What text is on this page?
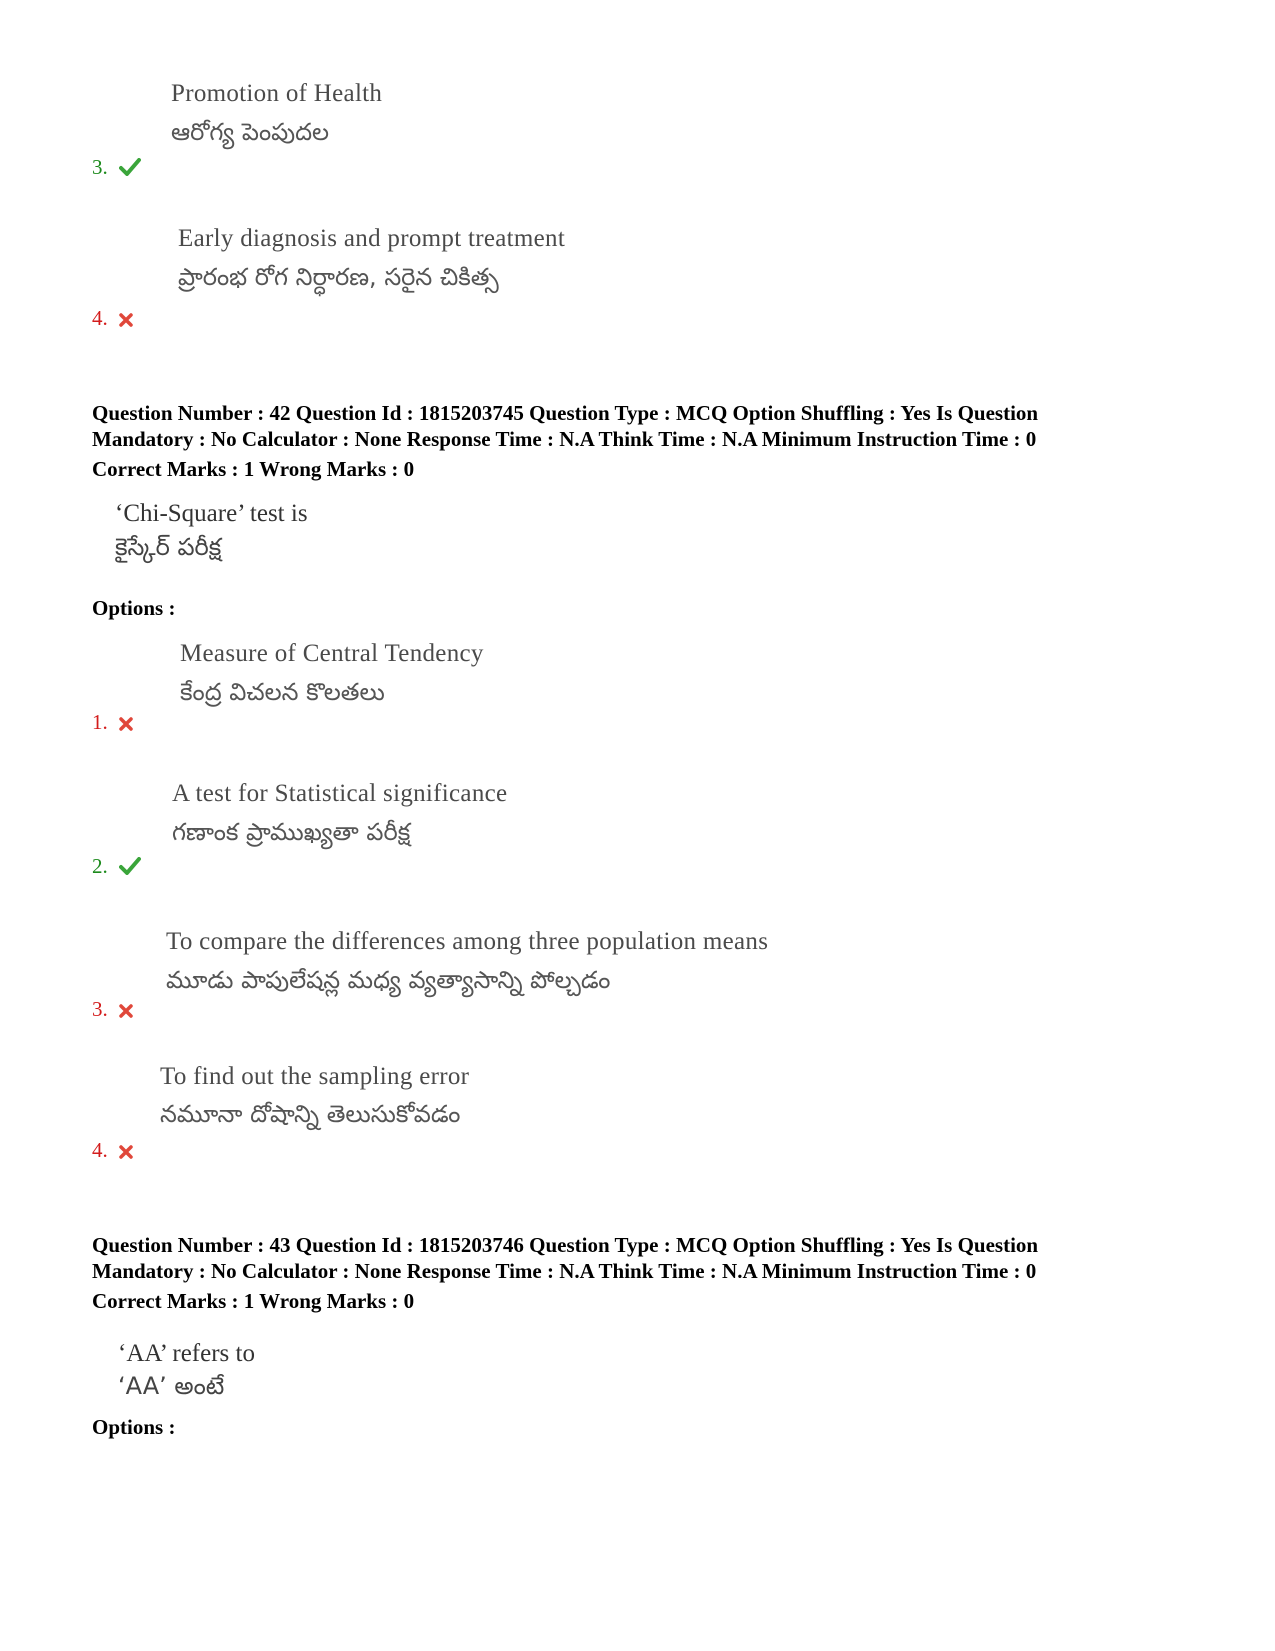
Promotion of Health
ఆరోగ్య పెంపుదల
3.
Early diagnosis and prompt treatment
ప్రారంభ రోగ నిర్ధారణ, సరైన చికిత్స
4.
Question Number : 42 Question Id : 1815203745 Question Type : MCQ Option Shuffling : Yes Is Question
Mandatory : No Calculator : None Response Time : N.A Think Time : N.A Minimum Instruction Time : 0
Correct Marks : 1 Wrong Marks : 0
‘Chi-Square’ test is
కైస్కేర్ పరీక్ష
Options :
Measure of Central Tendency
కేంద్ర విచలన కొలతలు
1.
A test for Statistical significance
గణాంక ప్రాముఖ్యతా పరీక్ష
2.
To compare the differences among three population means
మూడు పాపులేషన్ల మధ్య వ్యత్యాసాన్ని పోల్చడం
3.
To find out the sampling error
నమూనా దోషాన్ని తెలుసుకోవడం
4.
Question Number : 43 Question Id : 1815203746 Question Type : MCQ Option Shuffling : Yes Is Question
Mandatory : No Calculator : None Response Time : N.A Think Time : N.A Minimum Instruction Time : 0
Correct Marks : 1 Wrong Marks : 0
‘AA’ refers to
‘AA’ అంటే
Options :
